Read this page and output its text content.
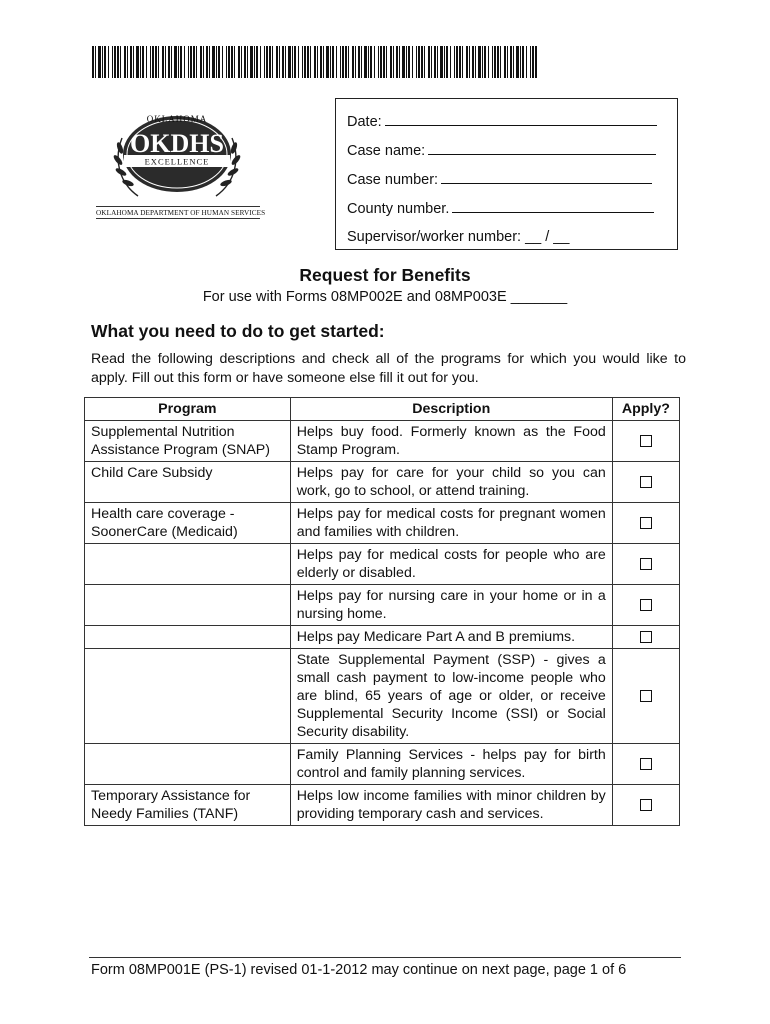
OKLAHOMA
OKDHS
EXCELLENCE
OKLAHOMA DEPARTMENT OF HUMAN SERVICES
Date:
Case name:
Case number:
County number.
Supervisor/worker number: __ / __
Request for Benefits
For use with Forms 08MP002E and 08MP003E _______
What you need to do to get started:
Read the following descriptions and check all of the programs for which you would like to apply. Fill out this form or have someone else fill it out for you.
Program	Description	Apply?
Supplemental Nutrition Assistance Program (SNAP)	Helps buy food. Formerly known as the Food Stamp Program.	
Child Care Subsidy	Helps pay for care for your child so you can work, go to school, or attend training.	
Health care coverage - SoonerCare (Medicaid)	Helps pay for medical costs for pregnant women and families with children.	
	Helps pay for medical costs for people who are elderly or disabled.	
	Helps pay for nursing care in your home or in a nursing home.	
	Helps pay Medicare Part A and B premiums.	
	State Supplemental Payment (SSP) - gives a small cash payment to low-income people who are blind, 65 years of age or older, or receive Supplemental Security Income (SSI) or Social Security disability.	
	Family Planning Services - helps pay for birth control and family planning services.	
Temporary Assistance for Needy Families (TANF)	Helps low income families with minor children by providing temporary cash and services.	
Form 08MP001E (PS-1) revised 01-1-2012 may continue on next page, page 1 of 6
